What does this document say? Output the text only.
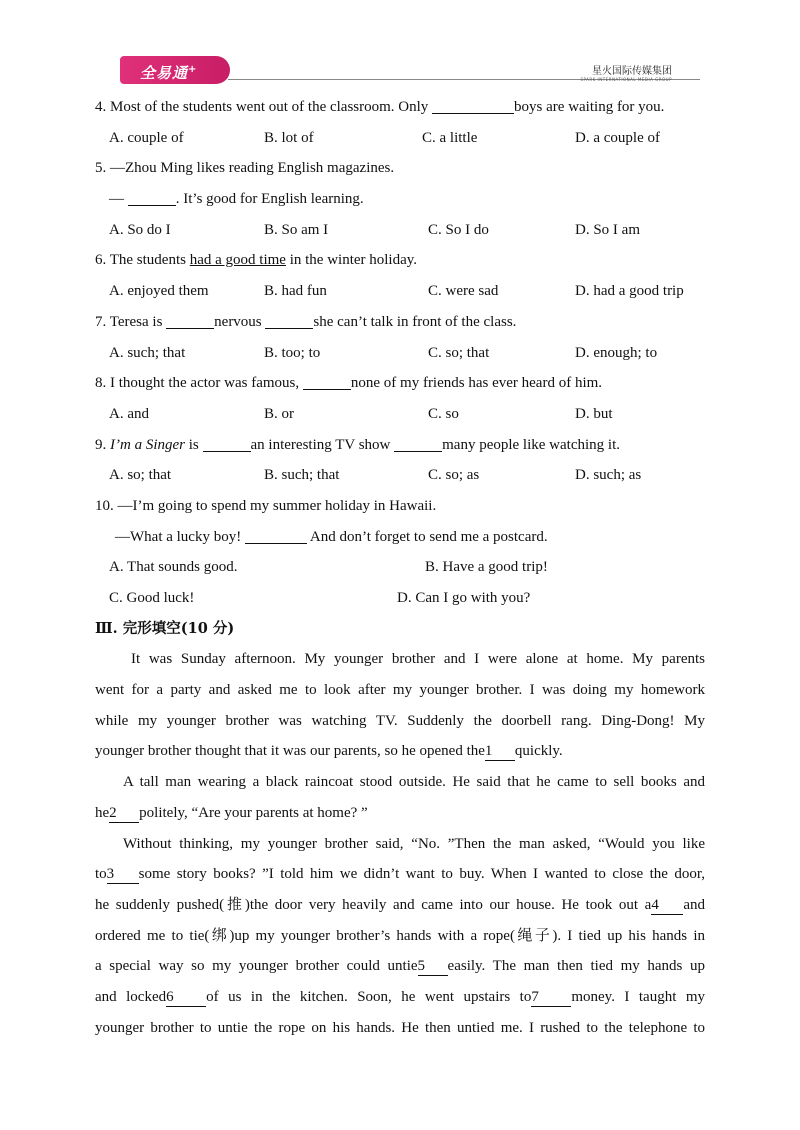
全易通+	星火国际传媒集团
SPARK INTERNATIONAL MEDIA GROUP
4. Most of the students went out of the classroom. Only	boys are waiting for you.
A. couple of	B. lot of	C. a little	D. a couple of
5. —Zhou Ming likes reading English magazines.
—	. It’s good for English learning.
A. So do I	B. So am I	C. So I do	D. So I am
6. The students had a good time in the winter holiday.
A. enjoyed them	B. had fun	C. were sad	D. had a good trip
7. Teresa is	nervous	she can’t talk in front of the class.
A. such; that	B. too; to	C. so; that	D. enough; to
8. I thought the actor was famous,	none of my friends has ever heard of him.
A. and	B. or	C. so	D. but
9. I’m a Singer is	an interesting TV show	many people like watching it.
A. so; that	B. such; that	C. so; as	D. such; as
10. —I’m going to spend my summer holiday in Hawaii.
—What a lucky boy!	And don’t forget to send me a postcard.
A. That sounds good.	B. Have a good trip!
C. Good luck!	D. Can I go with you?
Ⅲ. 完形填空(10 分)
It was Sunday afternoon. My younger brother and I were alone at home. My parents
went for a party and asked me to look after my younger brother. I was doing my homework
while my younger brother was watching TV. Suddenly the doorbell rang. Ding-Dong! My
younger brother thought that it was our parents, so he opened the1 quickly.
A tall man wearing a black raincoat stood outside. He said that he came to sell books and
he2 politely, “Are your parents at home? ”
Without thinking, my younger brother said, “No. ”Then the man asked, “Would you like
to3 some story books? ”I told him we didn’t want to buy. When I wanted to close the door,
he suddenly pushed(推)the door very heavily and came into our house. He took out a4 and
ordered me to tie(绑)up my younger brother’s hands with a rope(绳子). I tied up his hands in
a special way so my younger brother could untie5 easily. The man then tied my hands up
and locked6 of us in the kitchen. Soon, he went upstairs to7 money. I taught my
younger brother to untie the rope on his hands. He then untied me. I rushed to the telephone to
